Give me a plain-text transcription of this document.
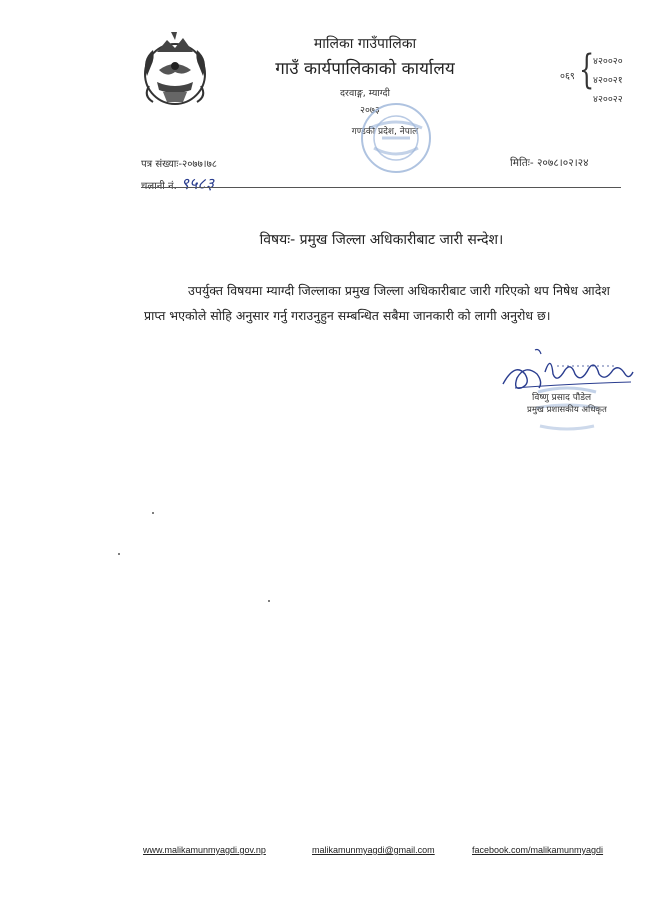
मालिका गाउँपालिका
गाउँ कार्यपालिकाको कार्यालय
दरवाङ्ग, म्याग्दी
२०७३
गण्डकी प्रदेश, नेपाल
०६९ {
४२००२०
४२००२१
४२००२२
पत्र संख्याः-२०७७।७८
चलानी नं. ९५८३
मितिः- २०७८।०२।२४
विषयः- प्रमुख जिल्ला अधिकारीबाट जारी सन्देश।
उपर्युक्त विषयमा म्याग्दी जिल्लाका प्रमुख जिल्ला अधिकारीबाट जारी गरिएको थप निषेध आदेश प्राप्त भएकोले सोहि अनुसार गर्नु गराउनुहुन सम्बन्धित सबैमा जानकारी को लागी अनुरोध छ।
विष्णु प्रसाद पौडेल
प्रमुख प्रशासकीय अधिकृत
www.malikamunmyagdi.gov.np	malikamunmyagdi@gmail.com	facebook.com/malikamunmyagdi
